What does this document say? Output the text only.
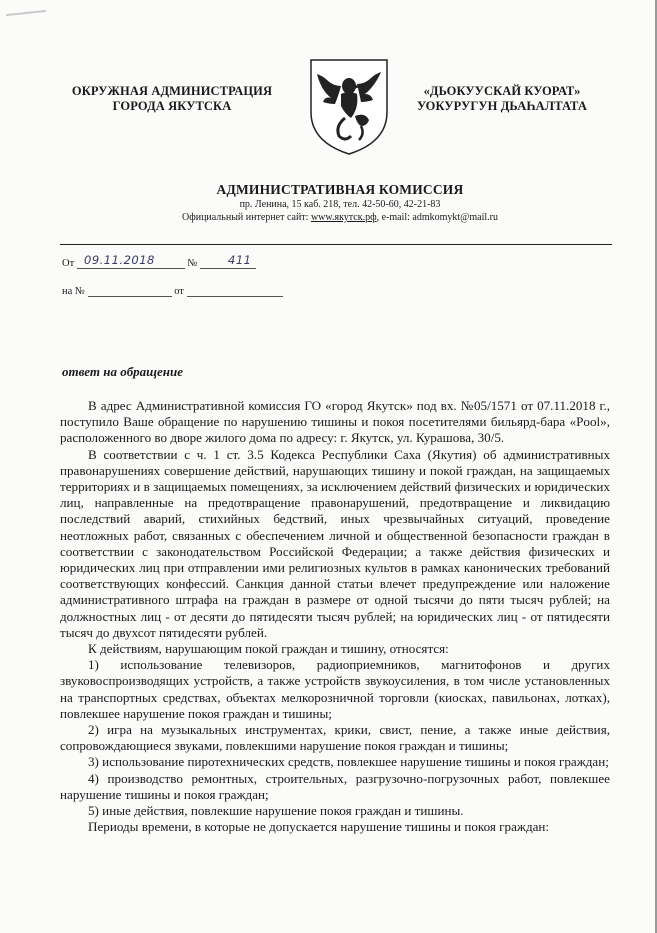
ОКРУЖНАЯ АДМИНИСТРАЦИЯ
ГОРОДА ЯКУТСКА
«ДЬОКУУСКАЙ КУОРАТ»
УОКУРУГУН ДЬАҺАЛТАТА
АДМИНИСТРАТИВНАЯ КОМИССИЯ
пр. Ленина, 15 каб. 218, тел. 42-50-60, 42-21-83
Официальный интернет сайт: www.якутск.рф, e-mail: admkomykt@mail.ru
От	№
09.11.2018	411
на №	от
ответ на обращение

В адрес Административной комиссия ГО «город Якутск» под вх. №05/1571 от 07.11.2018 г., поступило Ваше обращение по нарушению тишины и покоя посетителями бильярд-бара «Pool», расположенного во дворе жилого дома по адресу: г. Якутск, ул. Курашова, 30/5.

В соответствии с ч. 1 ст. 3.5 Кодекса Республики Саха (Якутия) об административных правонарушениях совершение действий, нарушающих тишину и покой граждан, на защищаемых территориях и в защищаемых помещениях, за исключением действий физических и юридических лиц, направленные на предотвращение правонарушений, предотвращение и ликвидацию последствий аварий, стихийных бедствий, иных чрезвычайных ситуаций, проведение неотложных работ, связанных с обеспечением личной и общественной безопасности граждан в соответствии с законодательством Российской Федерации; а также действия физических и юридических лиц при отправлении ими религиозных культов в рамках канонических требований соответствующих конфессий. Санкция данной статьи влечет предупреждение или наложение административного штрафа на граждан в размере от одной тысячи до пяти тысяч рублей; на должностных лиц - от десяти до пятидесяти тысяч рублей; на юридических лиц - от пятидесяти тысяч до двухсот пятидесяти рублей.

К действиям, нарушающим покой граждан и тишину, относятся:

1) использование телевизоров, радиоприемников, магнитофонов и других звуковоспроизводящих устройств, а также устройств звукоусиления, в том числе установленных на транспортных средствах, объектах мелкорозничной торговли (киосках, павильонах, лотках), повлекшее нарушение покоя граждан и тишины;

2) игра на музыкальных инструментах, крики, свист, пение, а также иные действия, сопровождающиеся звуками, повлекшими нарушение покоя граждан и тишины;

3) использование пиротехнических средств, повлекшее нарушение тишины и покоя граждан;

4) производство ремонтных, строительных, разгрузочно-погрузочных работ, повлекшее нарушение тишины и покоя граждан;

5) иные действия, повлекшие нарушение покоя граждан и тишины.

Периоды времени, в которые не допускается нарушение тишины и покоя граждан:
